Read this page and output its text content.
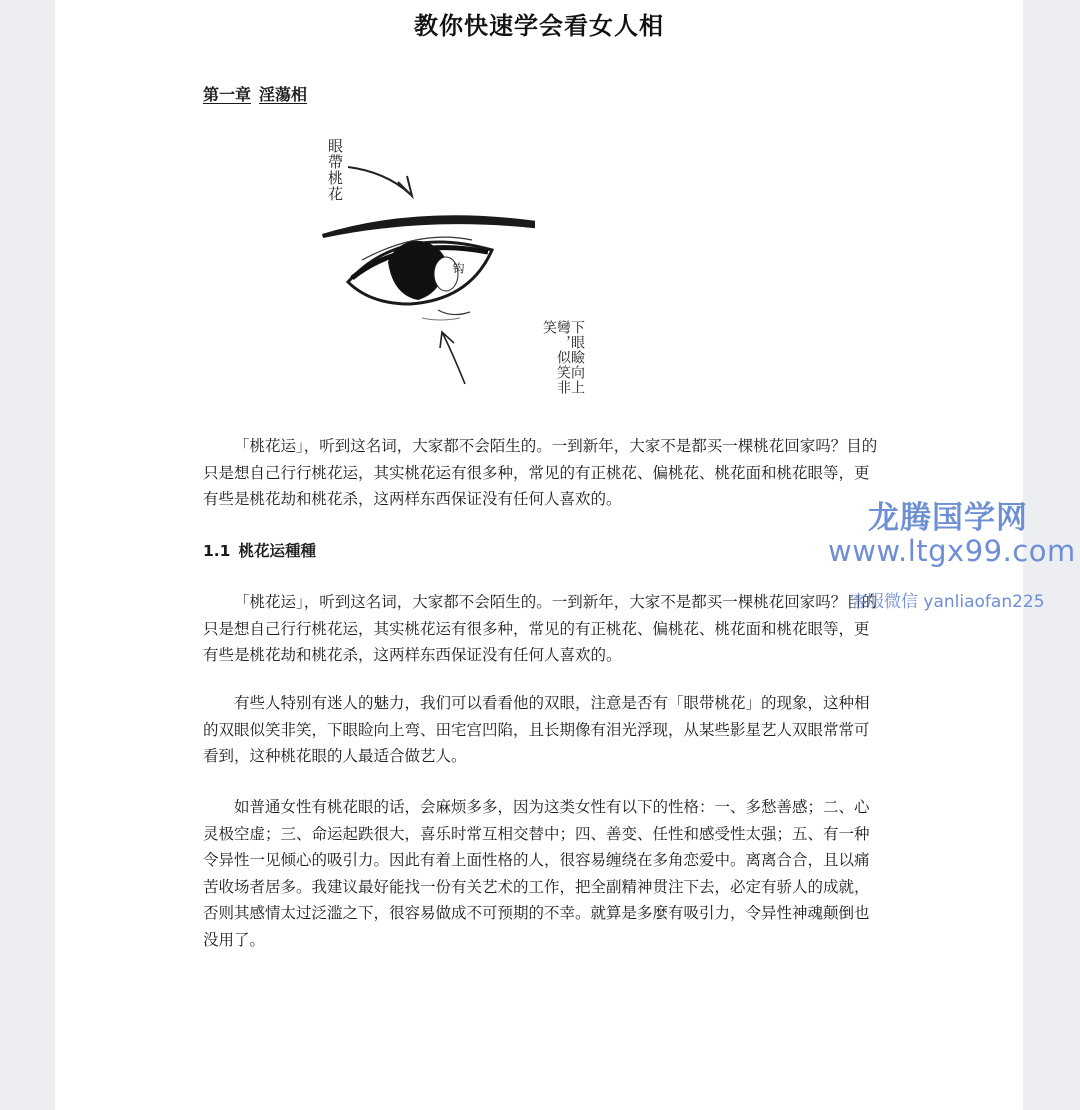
教你快速学会看女人相
第一章 淫蕩相
眼帶桃花
钩
下眼瞼向上彎，似笑非笑

「桃花运」，听到这名词，大家都不会陌生的。一到新年，大家不是都买一棵桃花回家吗？目的只是想自己行行桃花运，其实桃花运有很多种，常见的有正桃花、偏桃花、桃花面和桃花眼等，更有些是桃花劫和桃花杀，这两样东西保证没有任何人喜欢的。

1.1 桃花运種種

「桃花运」，听到这名词，大家都不会陌生的。一到新年，大家不是都买一棵桃花回家吗？目的只是想自己行行桃花运，其实桃花运有很多种，常见的有正桃花、偏桃花、桃花面和桃花眼等，更有些是桃花劫和桃花杀，这两样东西保证没有任何人喜欢的。

有些人特别有迷人的魅力，我们可以看看他的双眼，注意是否有「眼带桃花」的现象，这种相的双眼似笑非笑，下眼睑向上弯、田宅宫凹陷，且长期像有泪光浮现，从某些影星艺人双眼常常可看到，这种桃花眼的人最适合做艺人。

如普通女性有桃花眼的话，会麻烦多多，因为这类女性有以下的性格：一、多愁善感；二、心灵极空虚；三、命运起跌很大，喜乐时常互相交替中；四、善变、任性和感受性太强；五、有一种令异性一见倾心的吸引力。因此有着上面性格的人，很容易缠绕在多角恋爱中。离离合合，且以痛苦收场者居多。我建议最好能找一份有关艺术的工作，把全副精神贯注下去，必定有骄人的成就，否则其感情太过泛滥之下，很容易做成不可预期的不幸。就算是多麼有吸引力，令异性神魂颠倒也没用了。

龙腾国学网
www.ltgx99.com
客服微信 yanliaofan225
